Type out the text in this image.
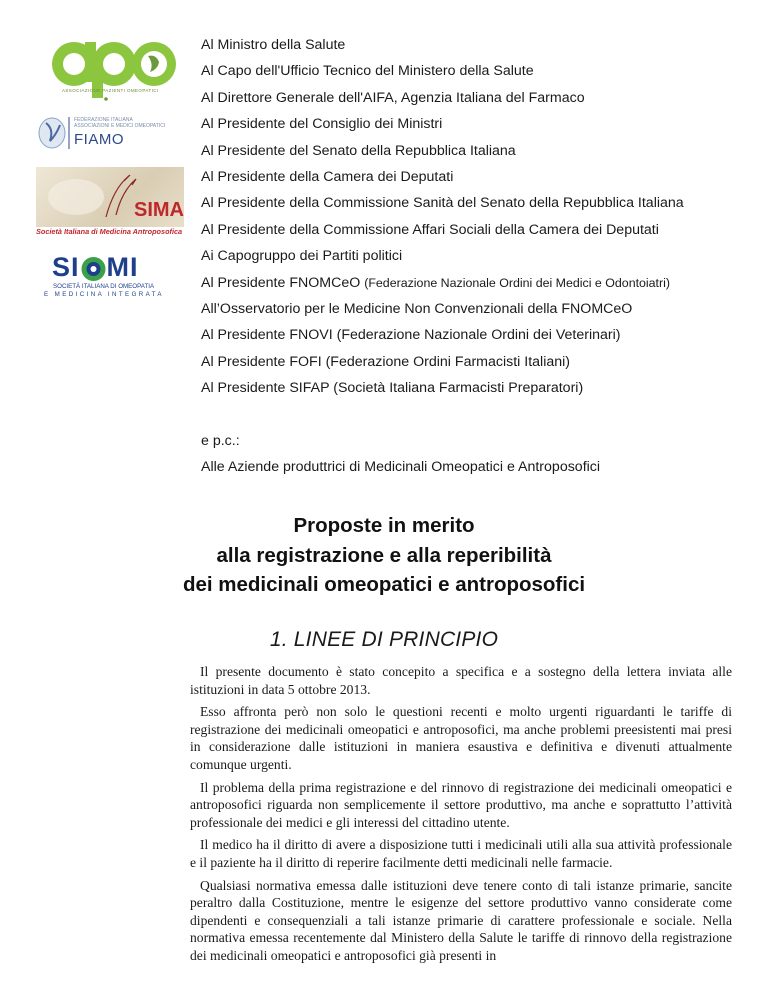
ASSOCIAZIONE PAZIENTI OMEOPATICI
FEDERAZIONE ITALIANA
ASSOCIAZIONI E MEDICI OMEOPATICI
FIAMO
SIMA
Società Italiana di Medicina Antroposofica
SI MI
SOCIETÀ ITALIANA DI OMEOPATIA
E MEDICINA INTEGRATA
Al Ministro della Salute
Al Capo dell'Ufficio Tecnico del Ministero della Salute
Al Direttore Generale dell'AIFA, Agenzia Italiana del Farmaco
Al Presidente del Consiglio dei Ministri
Al Presidente del Senato della Repubblica Italiana
Al Presidente della Camera dei Deputati
Al Presidente della Commissione Sanità del Senato della Repubblica Italiana
Al Presidente della Commissione Affari Sociali della Camera dei Deputati
Ai Capogruppo dei Partiti politici
Al Presidente FNOMCeO (Federazione Nazionale Ordini dei Medici e Odontoiatri)
All’Osservatorio per le Medicine Non Convenzionali della FNOMCeO
Al Presidente FNOVI (Federazione Nazionale Ordini dei Veterinari)
Al Presidente FOFI (Federazione Ordini Farmacisti Italiani)
Al Presidente SIFAP (Società Italiana Farmacisti Preparatori)
e p.c.:
Alle Aziende produttrici di Medicinali Omeopatici e Antroposofici
Proposte in merito
alla registrazione e alla reperibilità
dei medicinali omeopatici e antroposofici
1. LINEE DI PRINCIPIO

Il presente documento è stato concepito a specifica e a sostegno della lettera inviata alle istituzioni in data 5 ottobre 2013.

Esso affronta però non solo le questioni recenti e molto urgenti riguardanti le tariffe di registrazione dei medicinali omeopatici e antroposofici, ma anche problemi preesistenti mai presi in considerazione dalle istituzioni in maniera esaustiva e definitiva e divenuti attualmente comunque urgenti.

Il problema della prima registrazione e del rinnovo di registrazione dei medicinali omeopatici e antroposofici riguarda non semplicemente il settore produttivo, ma anche e soprattutto l’attività professionale dei medici e gli interessi del cittadino utente.

Il medico ha il diritto di avere a disposizione tutti i medicinali utili alla sua attività professionale e il paziente ha il diritto di reperire facilmente detti medicinali nelle farmacie.

Qualsiasi normativa emessa dalle istituzioni deve tenere conto di tali istanze primarie, sancite peraltro dalla Costituzione, mentre le esigenze del settore produttivo vanno considerate come dipendenti e consequenziali a tali istanze primarie di carattere professionale e sociale. Nella normativa emessa recentemente dal Ministero della Salute le tariffe di rinnovo della registrazione dei medicinali omeopatici e antroposofici già presenti in
